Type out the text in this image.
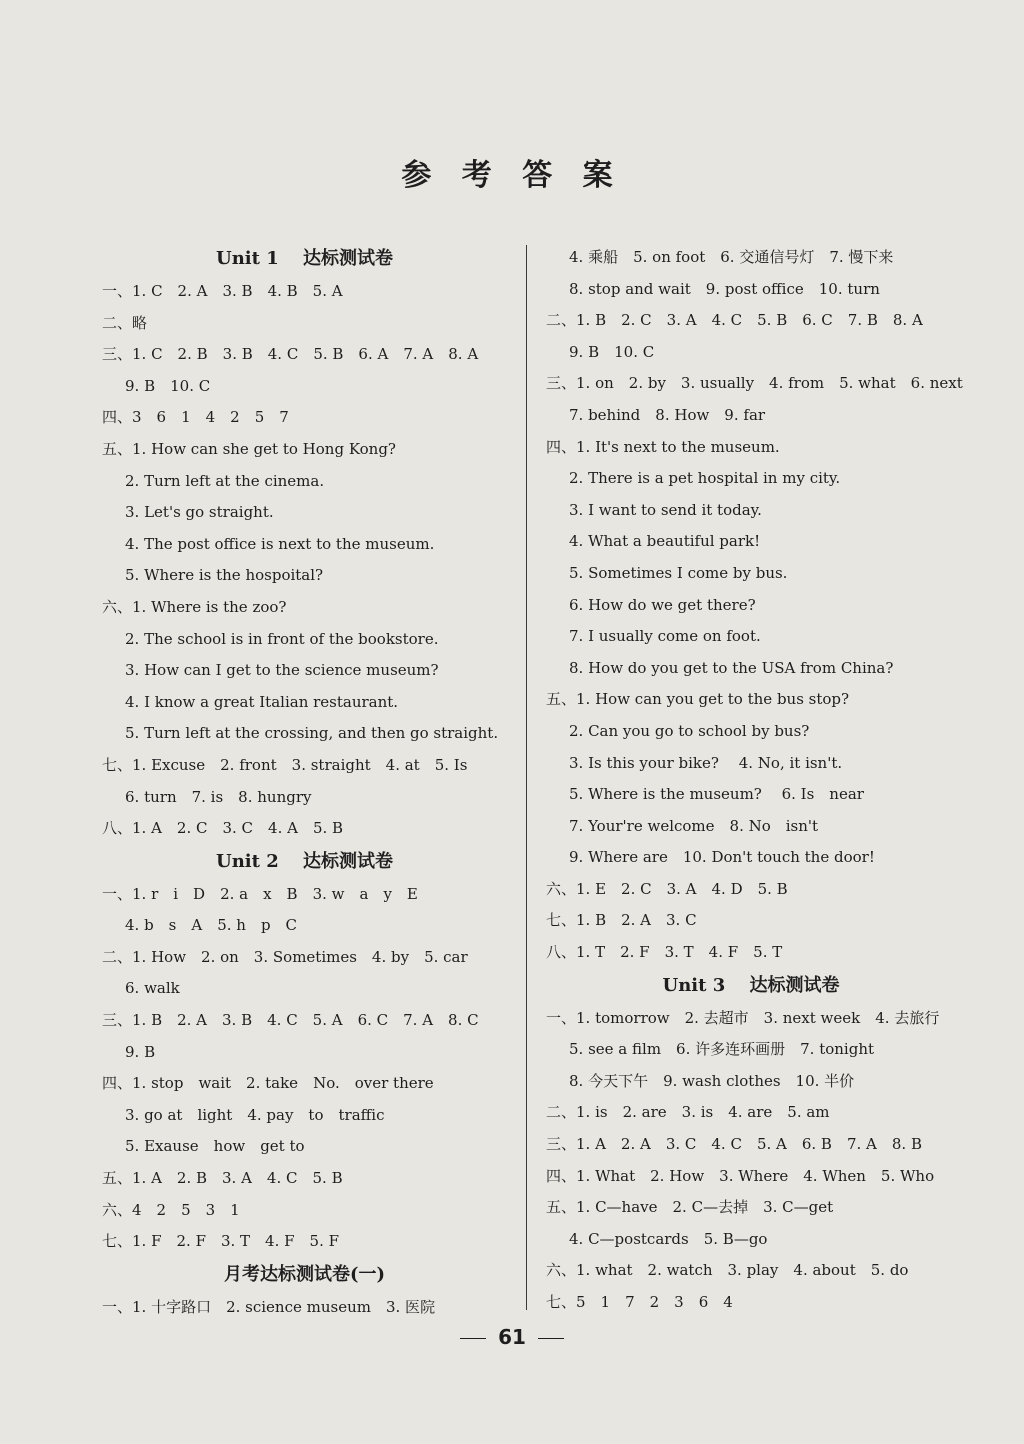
参 考 答 案
Unit 1　 达标测试卷
一、1. C　2. A　3. B　4. B　5. A
二、略
三、1. C　2. B　3. B　4. C　5. B　6. A　7. A　8. A
9. B　10. C
四、3　6　1　4　2　5　7
五、1. How can she get to Hong Kong?
2. Turn left at the cinema.
3. Let's go straight.
4. The post office is next to the museum.
5. Where is the hospoital?
六、1. Where is the zoo?
2. The school is in front of the bookstore.
3. How can I get to the science museum?
4. I know a great Italian restaurant.
5. Turn left at the crossing, and then go straight.
七、1. Excuse　2. front　3. straight　4. at　5. Is
6. turn　7. is　8. hungry
八、1. A　2. C　3. C　4. A　5. B
Unit 2　 达标测试卷
一、1. r　i　D　2. a　x　B　3. w　a　y　E
4. b　s　A　5. h　p　C
二、1. How　2. on　3. Sometimes　4. by　5. car
6. walk
三、1. B　2. A　3. B　4. C　5. A　6. C　7. A　8. C
9. B
四、1. stop　wait　2. take　No.　over there
3. go at　light　4. pay　to　traffic
5. Exause　how　get to
五、1. A　2. B　3. A　4. C　5. B
六、4　2　5　3　1
七、1. F　2. F　3. T　4. F　5. F
月考达标测试卷(一)
一、1. 十字路口　2. science museum　3. 医院
4. 乘船　5. on foot　6. 交通信号灯　7. 慢下来
8. stop and wait　9. post office　10. turn
二、1. B　2. C　3. A　4. C　5. B　6. C　7. B　8. A
9. B　10. C
三、1. on　2. by　3. usually　4. from　5. what　6. next
7. behind　8. How　9. far
四、1. It's next to the museum.
2. There is a pet hospital in my city.
3. I want to send it today.
4. What a beautiful park!
5. Sometimes I come by bus.
6. How do we get there?
7. I usually come on foot.
8. How do you get to the USA from China?
五、1. How can you get to the bus stop?
2. Can you go to school by bus?
3. Is this your bike?　 4. No, it isn't.
5. Where is the museum?　 6. Is　near
7. Your're welcome　8. No　isn't
9. Where are　10. Don't touch the door!
六、1. E　2. C　3. A　4. D　5. B
七、1. B　2. A　3. C
八、1. T　2. F　3. T　4. F　5. T
Unit 3　 达标测试卷
一、1. tomorrow　2. 去超市　3. next week　4. 去旅行
5. see a film　6. 许多连环画册　7. tonight
8. 今天下午　9. wash clothes　10. 半价
二、1. is　2. are　3. is　4. are　5. am
三、1. A　2. A　3. C　4. C　5. A　6. B　7. A　8. B
四、1. What　2. How　3. Where　4. When　5. Who
五、1. C—have　2. C—去掉　3. C—get
4. C—postcards　5. B—go
六、1. what　2. watch　3. play　4. about　5. do
七、5　1　7　2　3　6　4
61
